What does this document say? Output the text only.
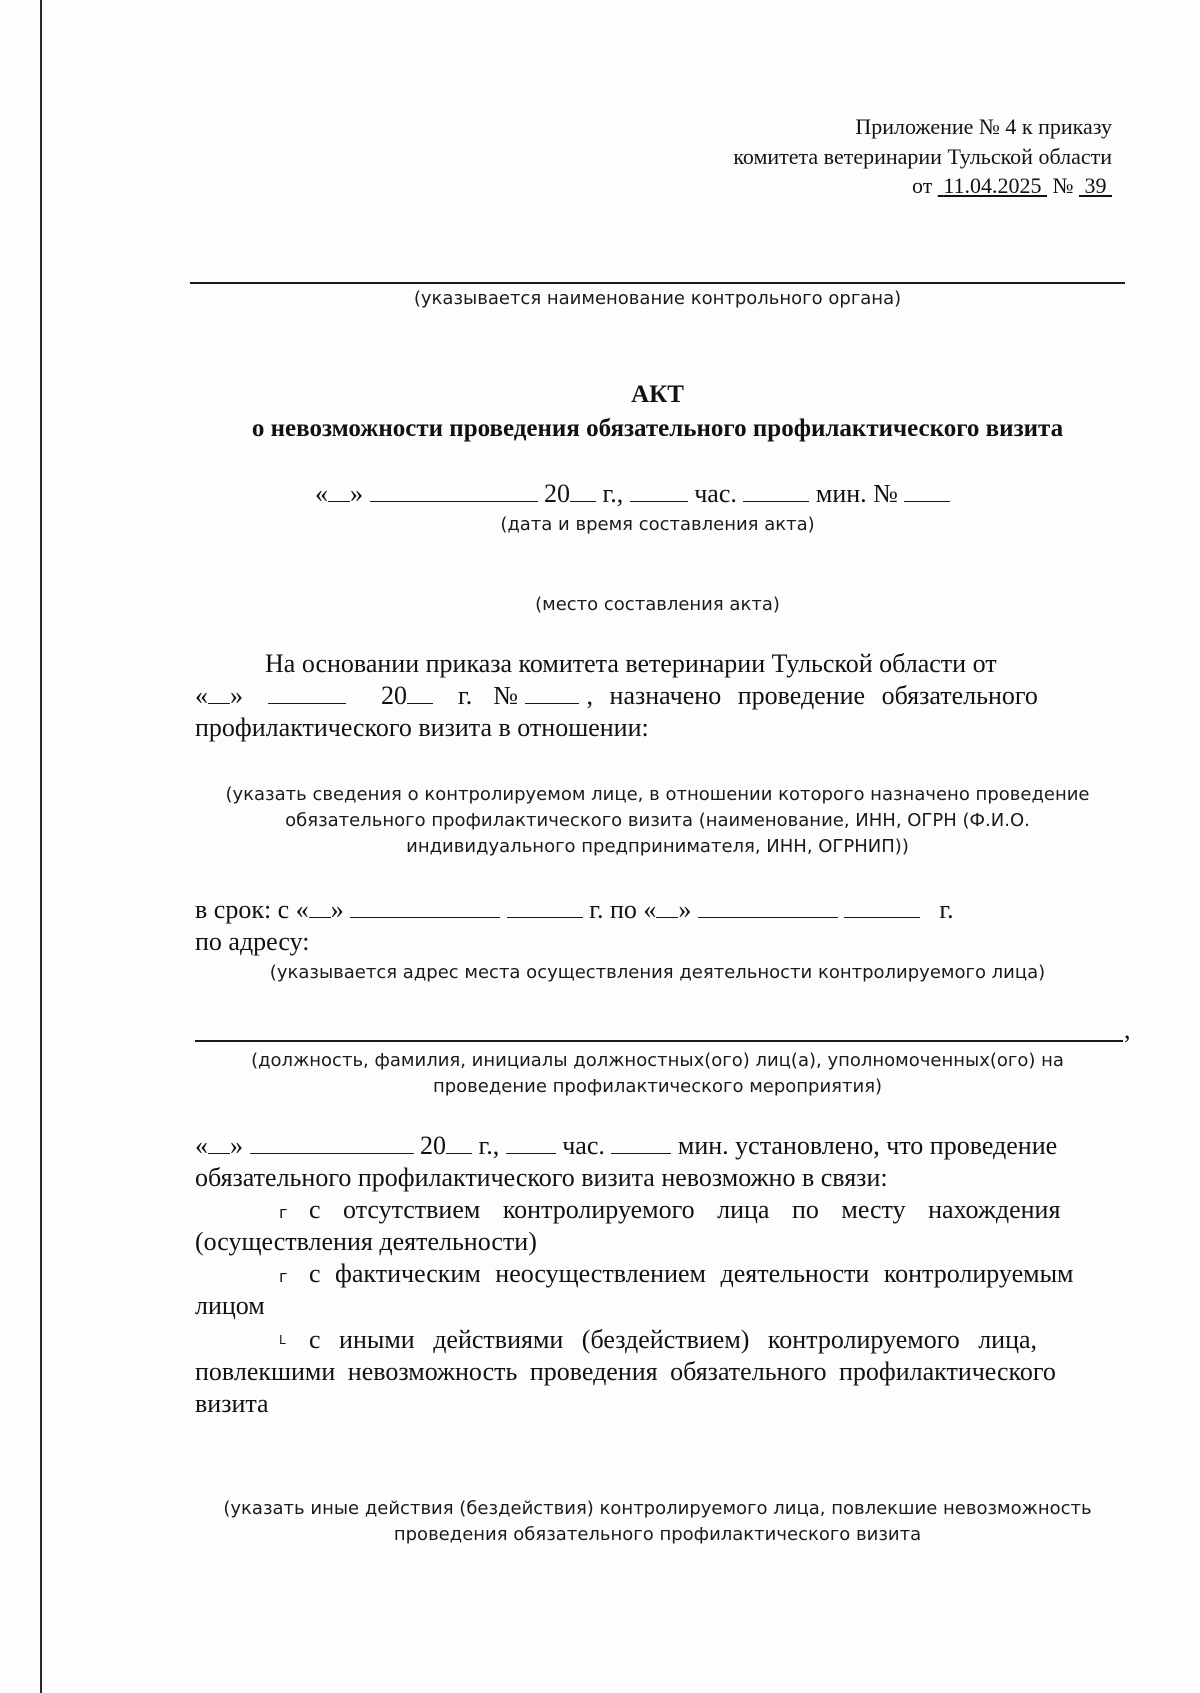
Приложение № 4 к приказу
комитета ветеринарии Тульской области
от 11.04.2025 № 39
(указывается наименование контрольного органа)
АКТ
о невозможности проведения обязательного профилактического визита
« »	20 г.,	час.	мин. №
(дата и время составления акта)
(место составления акта)
На основании приказа комитета ветеринарии Тульской области от
« »	20 г. №	, назначено проведение обязательного
профилактического визита в отношении:
(указать сведения о контролируемом лице, в отношении которого назначено проведение
обязательного профилактического визита (наименование, ИНН, ОГРН (Ф.И.О.
индивидуального предпринимателя, ИНН, ОГРНИП))
в срок: с « »	г. по « »	г.
по адресу:
(указывается адрес места осуществления деятельности контролируемого лица)
,
(должность, фамилия, инициалы должностных(ого) лиц(а), уполномоченных(ого) на
проведение профилактического мероприятия)
« »	20 г., час.	мин. установлено, что проведение
обязательного профилактического визита невозможно в связи:
г с отсутствием контролируемого лица по месту нахождения
(осуществления деятельности)
г с фактическим неосуществлением деятельности контролируемым
лицом
L с иными действиями (бездействием) контролируемого лица,
повлекшими невозможность проведения обязательного профилактического
визита
(указать иные действия (бездействия) контролируемого лица, повлекшие невозможность
проведения обязательного профилактического визита
